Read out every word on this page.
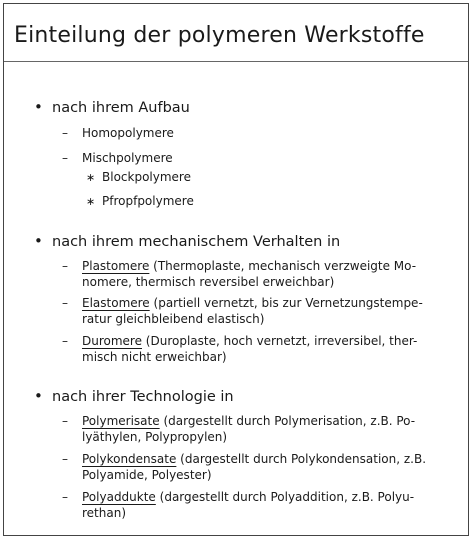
Einteilung der polymeren Werkstoffe
• nach ihrem Aufbau
– Homopolymere
– Mischpolymere
∗ Blockpolymere
∗ Pfropfpolymere
• nach ihrem mechanischem Verhalten in
– Plastomere (Thermoplaste, mechanisch verzweigte Mo-
nomere, thermisch reversibel erweichbar)
– Elastomere (partiell vernetzt, bis zur Vernetzungstempe-
ratur gleichbleibend elastisch)
– Duromere (Duroplaste, hoch vernetzt, irreversibel, ther-
misch nicht erweichbar)
• nach ihrer Technologie in
– Polymerisate (dargestellt durch Polymerisation, z.B. Po-
lyäthylen, Polypropylen)
– Polykondensate (dargestellt durch Polykondensation, z.B.
Polyamide, Polyester)
– Polyaddukte (dargestellt durch Polyaddition, z.B. Polyu-
rethan)
